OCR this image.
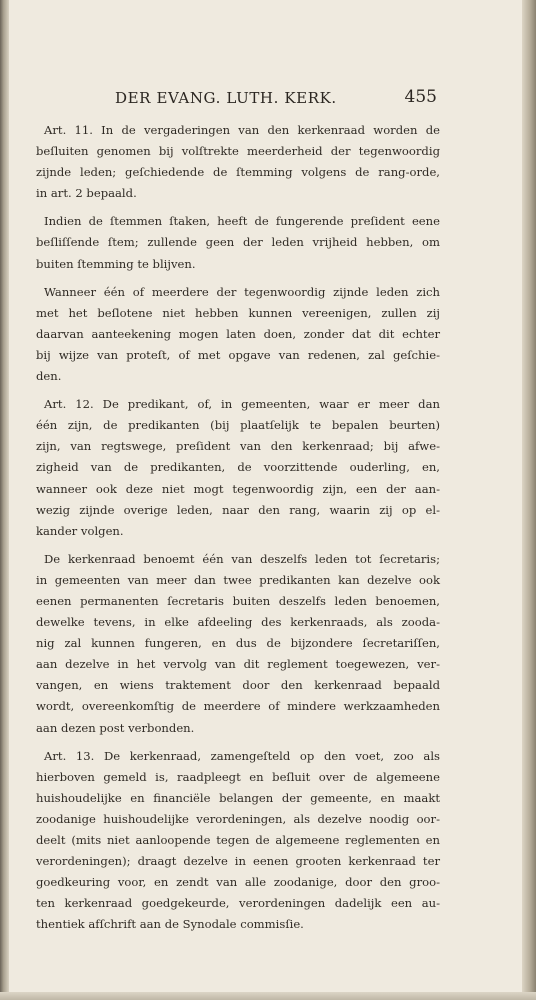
DER EVANG. LUTH. KERK.	455
Art. 11. In de vergaderingen van den kerkenraad worden de
beſluiten genomen bij volſtrekte meerderheid der tegenwoordig
zijnde leden; geſchiedende de ſtemming volgens de rang-orde,
in art. 2 bepaald.
Indien de ſtemmen ſtaken, heeft de fungerende preſident eene
beſliſſende ſtem; zullende geen der leden vrijheid hebben, om
buiten ſtemming te blijven.
Wanneer één of meerdere der tegenwoordig zijnde leden zich
met het beſlotene niet hebben kunnen vereenigen, zullen zij
daarvan aanteekening mogen laten doen, zonder dat dit echter
bij wijze van proteſt, of met opgave van redenen, zal geſchie-
den.
Art. 12. De predikant, of, in gemeenten, waar er meer dan
één zijn, de predikanten (bij plaatſelijk te bepalen beurten)
zijn, van regtswege, preſident van den kerkenraad; bij afwe-
zigheid van de predikanten, de voorzittende ouderling, en,
wanneer ook deze niet mogt tegenwoordig zijn, een der aan-
wezig zijnde overige leden, naar den rang, waarin zij op el-
kander volgen.
De kerkenraad benoemt één van deszelfs leden tot ſecretaris;
in gemeenten van meer dan twee predikanten kan dezelve ook
eenen permanenten ſecretaris buiten deszelfs leden benoemen,
dewelke tevens, in elke afdeeling des kerkenraads, als zooda-
nig zal kunnen fungeren, en dus de bijzondere ſecretariſſen,
aan dezelve in het vervolg van dit reglement toegewezen, ver-
vangen, en wiens traktement door den kerkenraad bepaald
wordt, overeenkomſtig de meerdere of mindere werkzaamheden
aan dezen post verbonden.
Art. 13. De kerkenraad, zamengeſteld op den voet, zoo als
hierboven gemeld is, raadpleegt en beſluit over de algemeene
huishoudelijke en financiële belangen der gemeente, en maakt
zoodanige huishoudelijke verordeningen, als dezelve noodig oor-
deelt (mits niet aanloopende tegen de algemeene reglementen en
verordeningen); draagt dezelve in eenen grooten kerkenraad ter
goedkeuring voor, en zendt van alle zoodanige, door den groo-
ten kerkenraad goedgekeurde, verordeningen dadelijk een au-
thentiek afſchrift aan de Synodale commisſie.
